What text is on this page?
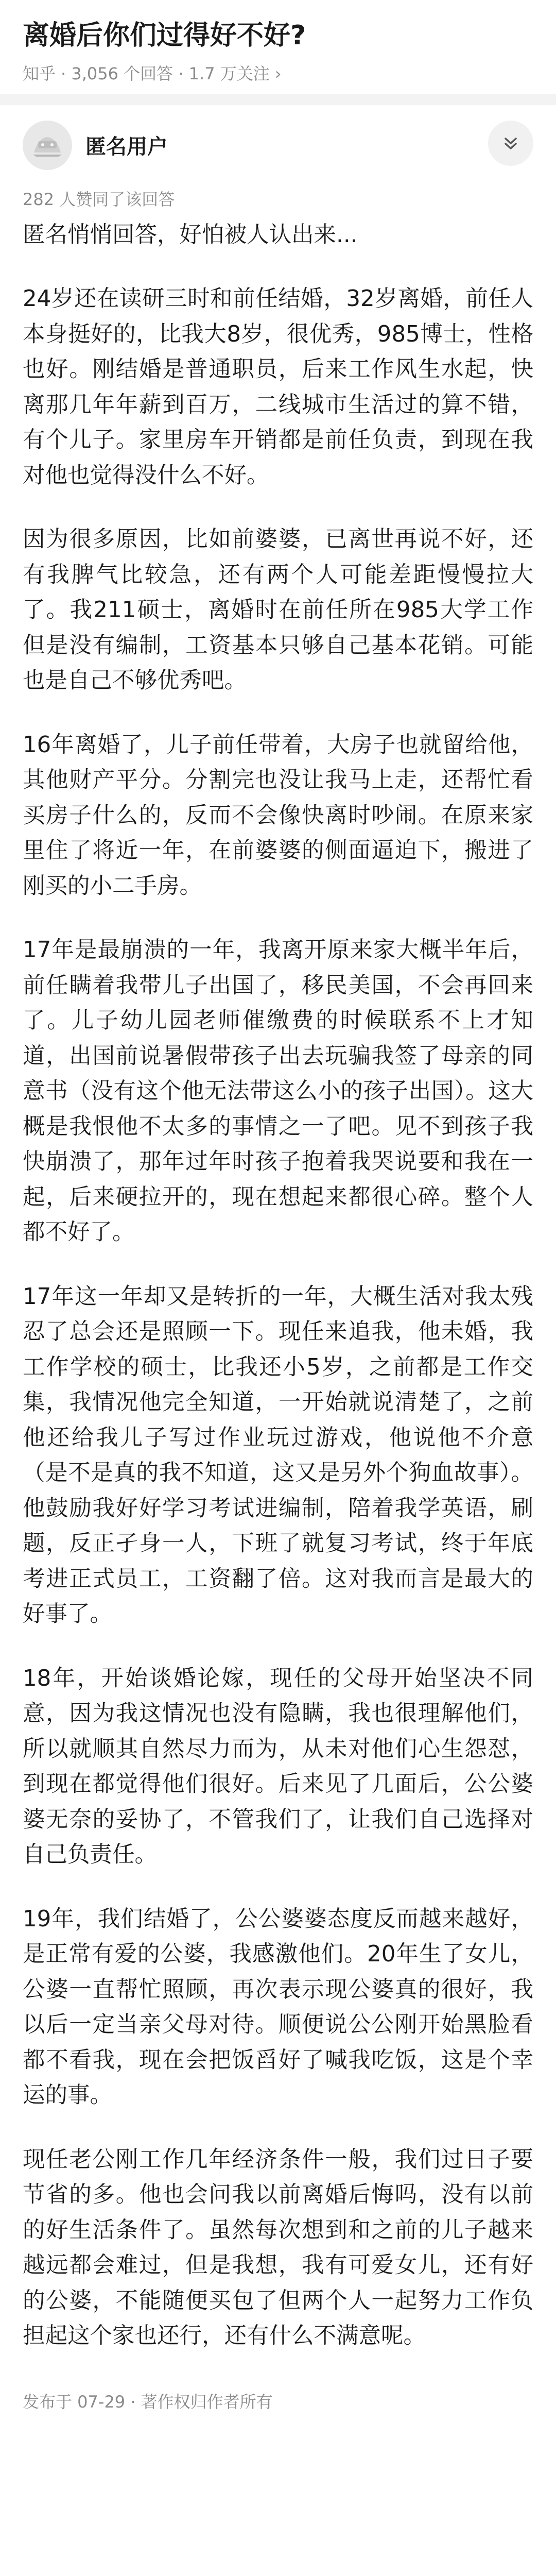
离婚后你们过得好不好?
知乎 · 3,056 个回答 · 1.7 万关注 ›
匿名用户
282 人赞同了该回答

匿名悄悄回答，好怕被人认出来...

24岁还在读研三时和前任结婚，32岁离婚，前任人本身挺好的，比我大8岁，很优秀，985博士，性格也好。刚结婚是普通职员，后来工作风生水起，快离那几年年薪到百万，二线城市生活过的算不错，有个儿子。家里房车开销都是前任负责，到现在我对他也觉得没什么不好。

因为很多原因，比如前婆婆，已离世再说不好，还有我脾气比较急，还有两个人可能差距慢慢拉大了。我211硕士，离婚时在前任所在985大学工作但是没有编制，工资基本只够自己基本花销。可能也是自己不够优秀吧。

16年离婚了，儿子前任带着，大房子也就留给他，其他财产平分。分割完也没让我马上走，还帮忙看买房子什么的，反而不会像快离时吵闹。在原来家里住了将近一年，在前婆婆的侧面逼迫下，搬进了刚买的小二手房。

17年是最崩溃的一年，我离开原来家大概半年后，前任瞒着我带儿子出国了，移民美国，不会再回来了。儿子幼儿园老师催缴费的时候联系不上才知道，出国前说暑假带孩子出去玩骗我签了母亲的同意书（没有这个他无法带这么小的孩子出国）。这大概是我恨他不太多的事情之一了吧。见不到孩子我快崩溃了，那年过年时孩子抱着我哭说要和我在一起，后来硬拉开的，现在想起来都很心碎。整个人都不好了。

17年这一年却又是转折的一年，大概生活对我太残忍了总会还是照顾一下。现任来追我，他未婚，我工作学校的硕士，比我还小5岁，之前都是工作交集，我情况他完全知道，一开始就说清楚了，之前他还给我儿子写过作业玩过游戏，他说他不介意（是不是真的我不知道，这又是另外个狗血故事）。他鼓励我好好学习考试进编制，陪着我学英语，刷题，反正孑身一人，下班了就复习考试，终于年底考进正式员工，工资翻了倍。这对我而言是最大的好事了。

18年，开始谈婚论嫁，现任的父母开始坚决不同意，因为我这情况也没有隐瞒，我也很理解他们，所以就顺其自然尽力而为，从未对他们心生怨怼，到现在都觉得他们很好。后来见了几面后，公公婆婆无奈的妥协了，不管我们了，让我们自己选择对自己负责任。

19年，我们结婚了，公公婆婆态度反而越来越好，是正常有爱的公婆，我感激他们。20年生了女儿，公婆一直帮忙照顾，再次表示现公婆真的很好，我以后一定当亲父母对待。顺便说公公刚开始黑脸看都不看我，现在会把饭舀好了喊我吃饭，这是个幸运的事。

现任老公刚工作几年经济条件一般，我们过日子要节省的多。他也会问我以前离婚后悔吗，没有以前的好生活条件了。虽然每次想到和之前的儿子越来越远都会难过，但是我想，我有可爱女儿，还有好的公婆，不能随便买包了但两个人一起努力工作负担起这个家也还行，还有什么不满意呢。

发布于 07-29 · 著作权归作者所有
